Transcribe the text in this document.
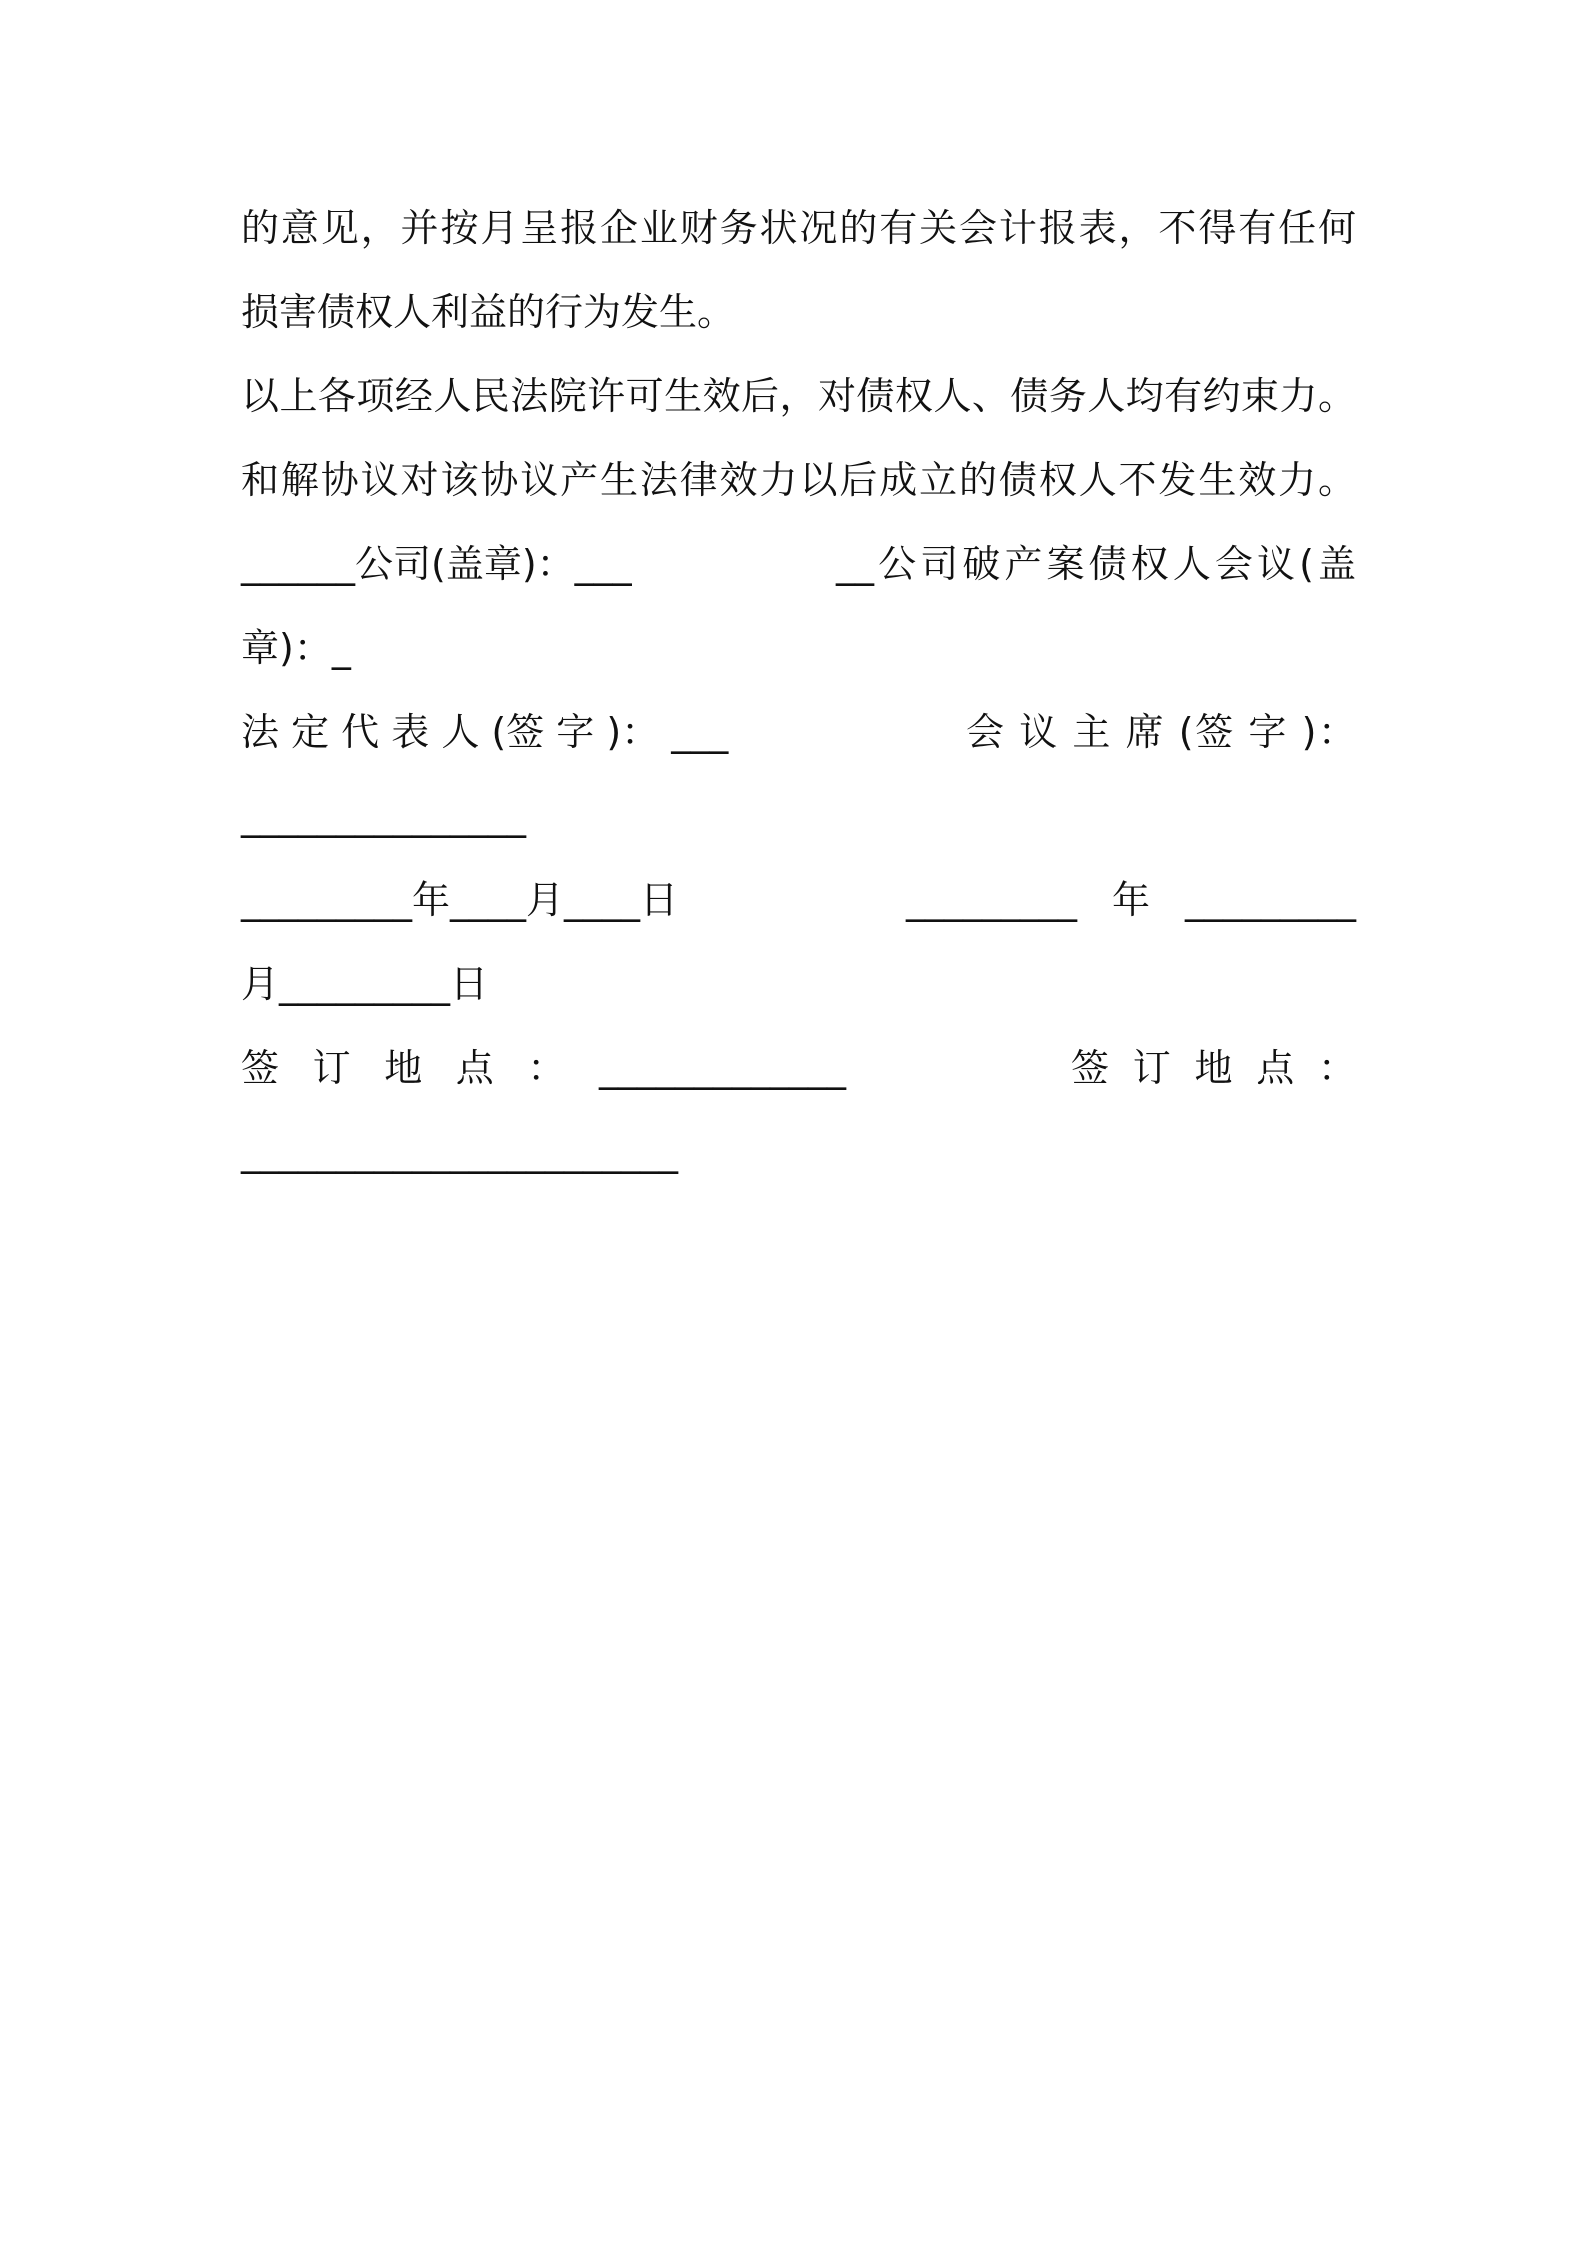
的意见，并按月呈报企业财务状况的有关会计报表，不得有任何
损害债权人利益的行为发生。
以上各项经人民法院许可生效后，对债权人、债务人均有约束力。
和解协议对该协议产生法律效力以后成立的债权人不发生效力。
______公司(盖章)：___	__公司破产案债权人会议(盖
章)：_
法 定 代 表 人 (签 字 )： ___	会 议 主 席 (签 字 )：
_______________
_________年____月____日	_________年_________
月_________日
签 订 地 点 ： _____________	签 订 地 点 ：
_______________________
